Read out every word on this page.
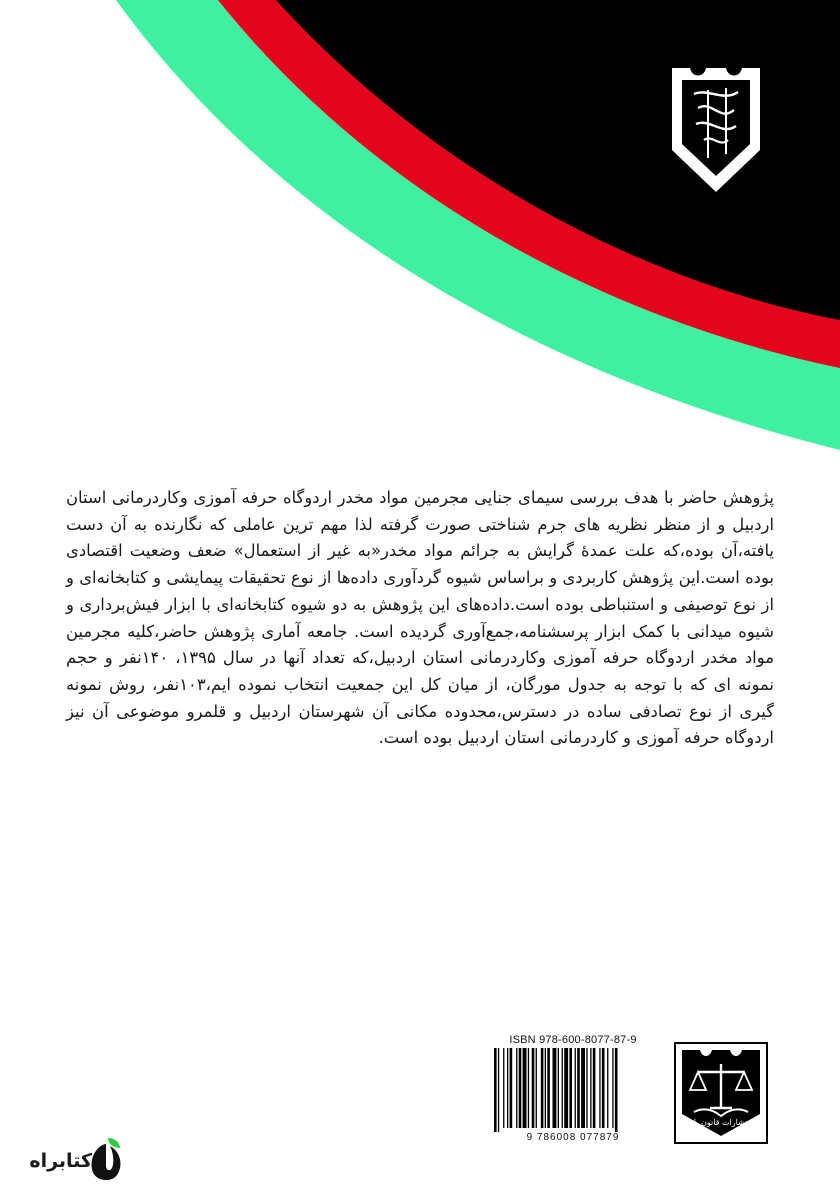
پژوهش حاضر با هدف بررسی سیمای جنایی مجرمین مواد مخدر اردوگاه حرفه آموزی وکاردرمانی استان اردبیل و از منظر نظریه های جرم شناختی صورت گرفته لذا مهم ترین عاملی که نگارنده به آن دست یافته،آن بوده،که علت عمدهٔ گرایش به جرائم مواد مخدر«به غیر از استعمال» ضعف وضعیت اقتصادی بوده است.این پژوهش کاربردی و براساس شیوه گردآوری داده‌ها از نوع تحقیقات پیمایشی و کتابخانه‌ای و از نوع توصیفی و استنباطی بوده است.داده‌های این پژوهش به دو شیوه کتابخانه‌ای با ابزار فیش‌برداری و شیوه میدانی با کمک ابزار پرسشنامه،جمع‌آوری گردیده است. جامعه آماری پژوهش حاضر،کلیه مجرمین مواد مخدر اردوگاه حرفه آموزی وکاردرمانی استان اردبیل،که تعداد آنها در سال ۱۳۹۵، ۱۴۰نفر و حجم نمونه ای که با توجه به جدول مورگان، از میان کل این جمعیت انتخاب نموده ایم،۱۰۳نفر، روش نمونه گیری از نوع تصادفی ساده در دسترس،محدوده مکانی آن شهرستان اردبیل و قلمرو موضوعی آن نیز اردوگاه حرفه آموزی و کاردرمانی استان اردبیل بوده است.

ISBN 978-600-8077-87-9
9 786008 077879
انتشارات قانون یار
کتابراه
